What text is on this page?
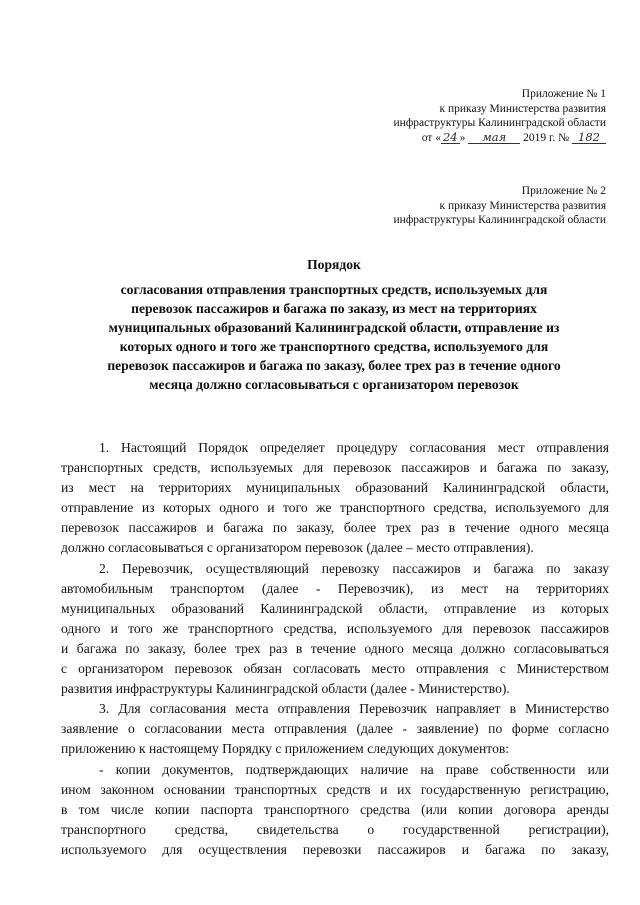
Приложение № 1
к приказу Министерства развития
инфраструктуры Калининградской области
от « 24 » мая 2019 г. № 182
Приложение № 2
к приказу Министерства развития
инфраструктуры Калининградской области
Порядок
согласования отправления транспортных средств, используемых для
перевозок пассажиров и багажа по заказу, из мест на территориях
муниципальных образований Калининградской области, отправление из
которых одного и того же транспортного средства, используемого для
перевозок пассажиров и багажа по заказу, более трех раз в течение одного
месяца должно согласовываться с организатором перевозок
1. Настоящий Порядок определяет процедуру согласования мест отправления
транспортных средств, используемых для перевозок пассажиров и багажа по заказу,
из мест на территориях муниципальных образований Калининградской области,
отправление из которых одного и того же транспортного средства, используемого для
перевозок пассажиров и багажа по заказу, более трех раз в течение одного месяца
должно согласовываться с организатором перевозок (далее – место отправления).
2. Перевозчик, осуществляющий перевозку пассажиров и багажа по заказу
автомобильным транспортом (далее - Перевозчик), из мест на территориях
муниципальных образований Калининградской области, отправление из которых
одного и того же транспортного средства, используемого для перевозок пассажиров
и багажа по заказу, более трех раз в течение одного месяца должно согласовываться
с организатором перевозок обязан согласовать место отправления с Министерством
развития инфраструктуры Калининградской области (далее - Министерство).
3. Для согласования места отправления Перевозчик направляет в Министерство
заявление о согласовании места отправления (далее - заявление) по форме согласно
приложению к настоящему Порядку с приложением следующих документов:
- копии документов, подтверждающих наличие на праве собственности или
ином законном основании транспортных средств и их государственную регистрацию,
в том числе копии паспорта транспортного средства (или копии договора аренды
транспортного средства, свидетельства о государственной регистрации),
используемого для осуществления перевозки пассажиров и багажа по заказу,
